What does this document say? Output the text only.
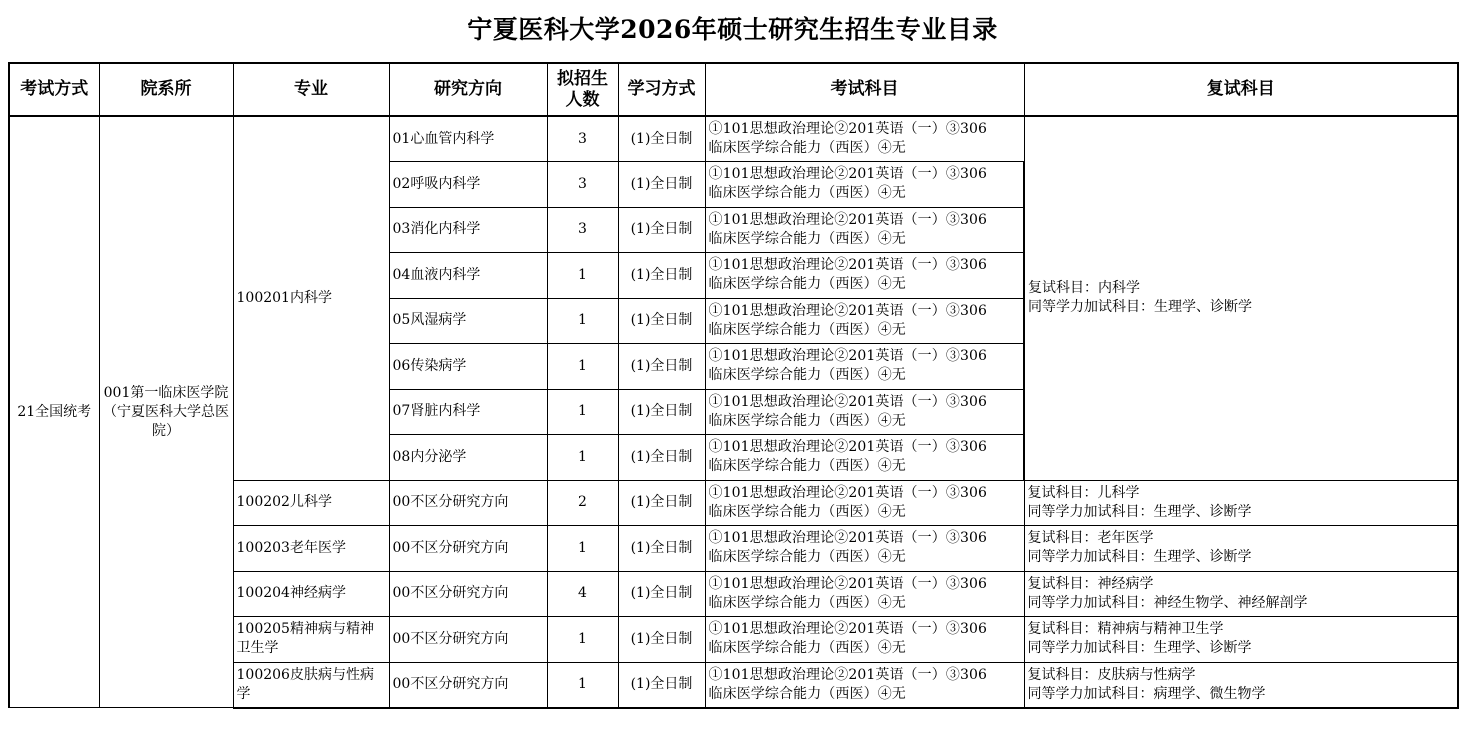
宁夏医科大学2026年硕士研究生招生专业目录
考试方式	院系所	专业	研究方向	拟招生人数	学习方式	考试科目	复试科目
21全国统考	001第一临床医学院（宁夏医科大学总医院）	100201内科学	01心血管内科学	3	(1)全日制	①101思想政治理论②201英语（一）③306
临床医学综合能力（西医）④无	复试科目：内科学
同等学力加试科目：生理学、诊断学

			02呼吸内科学	3	(1)全日制	①101思想政治理论②201英语（一）③306
临床医学综合能力（西医）④无	

			03消化内科学	3	(1)全日制	①101思想政治理论②201英语（一）③306
临床医学综合能力（西医）④无	

			04血液内科学	1	(1)全日制	①101思想政治理论②201英语（一）③306
临床医学综合能力（西医）④无	

			05风湿病学	1	(1)全日制	①101思想政治理论②201英语（一）③306
临床医学综合能力（西医）④无	

			06传染病学	1	(1)全日制	①101思想政治理论②201英语（一）③306
临床医学综合能力（西医）④无	

			07肾脏内科学	1	(1)全日制	①101思想政治理论②201英语（一）③306
临床医学综合能力（西医）④无	

			08内分泌学	1	(1)全日制	①101思想政治理论②201英语（一）③306
临床医学综合能力（西医）④无	

		100202儿科学	00不区分研究方向	2	(1)全日制	①101思想政治理论②201英语（一）③306
临床医学综合能力（西医）④无	复试科目：儿科学
同等学力加试科目：生理学、诊断学

		100203老年医学	00不区分研究方向	1	(1)全日制	①101思想政治理论②201英语（一）③306
临床医学综合能力（西医）④无	复试科目：老年医学
同等学力加试科目：生理学、诊断学

		100204神经病学	00不区分研究方向	4	(1)全日制	①101思想政治理论②201英语（一）③306
临床医学综合能力（西医）④无	复试科目：神经病学
同等学力加试科目：神经生物学、神经解剖学

		100205精神病与精神卫生学	00不区分研究方向	1	(1)全日制	①101思想政治理论②201英语（一）③306
临床医学综合能力（西医）④无	复试科目：精神病与精神卫生学
同等学力加试科目：生理学、诊断学

		100206皮肤病与性病学	00不区分研究方向	1	(1)全日制	①101思想政治理论②201英语（一）③306
临床医学综合能力（西医）④无	复试科目：皮肤病与性病学
同等学力加试科目：病理学、微生物学
